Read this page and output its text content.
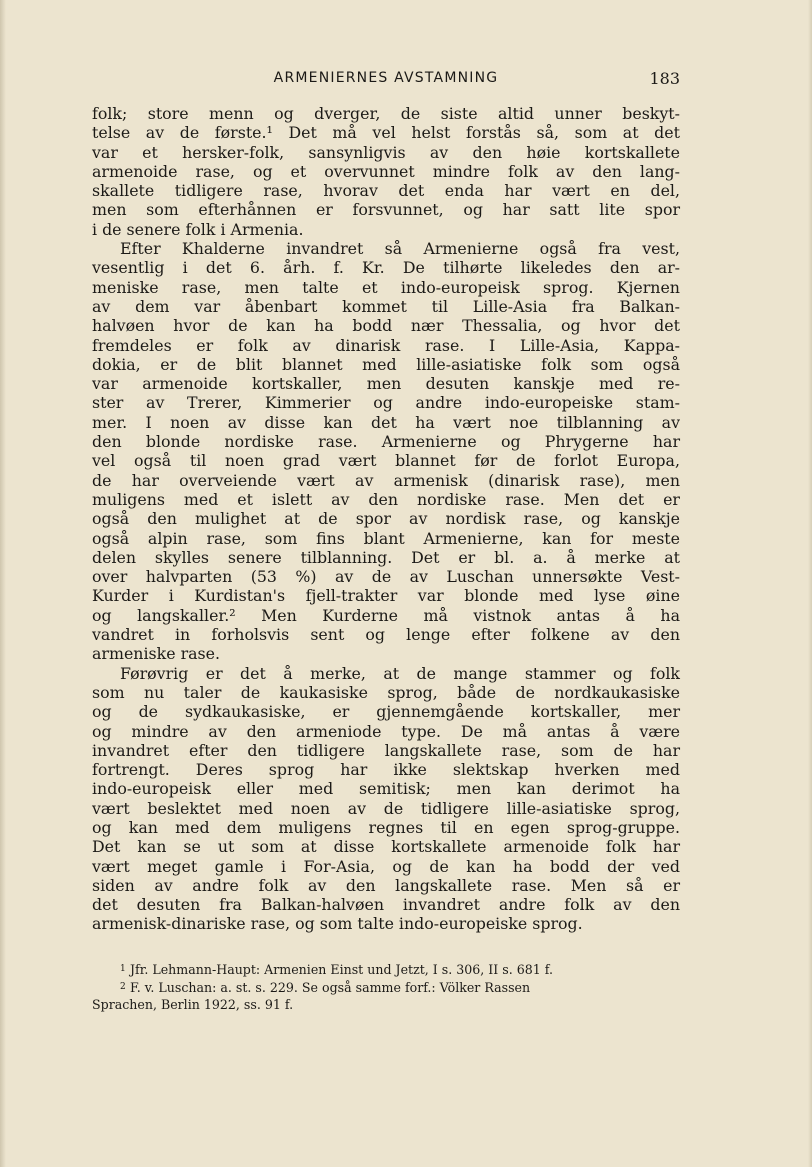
ARMENIERNES AVSTAMNING	183
folk; store menn og dverger, de siste altid unner beskyt-
telse av de første.¹ Det må vel helst forstås så, som at det
var et hersker-folk, sansynligvis av den høie kortskallete
armenoide rase, og et overvunnet mindre folk av den lang-
skallete tidligere rase, hvorav det enda har vært en del,
men som efterhånnen er forsvunnet, og har satt lite spor
i de senere folk i Armenia.
Efter Khalderne invandret så Armenierne også fra vest,
vesentlig i det 6. årh. f. Kr. De tilhørte likeledes den ar-
meniske rase, men talte et indo-europeisk sprog. Kjernen
av dem var åbenbart kommet til Lille-Asia fra Balkan-
halvøen hvor de kan ha bodd nær Thessalia, og hvor det
fremdeles er folk av dinarisk rase. I Lille-Asia, Kappa-
dokia, er de blit blannet med lille-asiatiske folk som også
var armenoide kortskaller, men desuten kanskje med re-
ster av Trerer, Kimmerier og andre indo-europeiske stam-
mer. I noen av disse kan det ha vært noe tilblanning av
den blonde nordiske rase. Armenierne og Phrygerne har
vel også til noen grad vært blannet før de forlot Europa,
de har overveiende vært av armenisk (dinarisk rase), men
muligens med et islett av den nordiske rase. Men det er
også den mulighet at de spor av nordisk rase, og kanskje
også alpin rase, som fins blant Armenierne, kan for meste
delen skylles senere tilblanning. Det er bl. a. å merke at
over halvparten (53 %) av de av Luschan unnersøkte Vest-
Kurder i Kurdistan's fjell-trakter var blonde med lyse øine
og langskaller.² Men Kurderne må vistnok antas å ha
vandret in forholsvis sent og lenge efter folkene av den
armeniske rase.
Førøvrig er det å merke, at de mange stammer og folk
som nu taler de kaukasiske sprog, både de nordkaukasiske
og de sydkaukasiske, er gjennemgående kortskaller, mer
og mindre av den armeniode type. De må antas å være
invandret efter den tidligere langskallete rase, som de har
fortrengt. Deres sprog har ikke slektskap hverken med
indo-europeisk eller med semitisk; men kan derimot ha
vært beslektet med noen av de tidligere lille-asiatiske sprog,
og kan med dem muligens regnes til en egen sprog-gruppe.
Det kan se ut som at disse kortskallete armenoide folk har
vært meget gamle i For-Asia, og de kan ha bodd der ved
siden av andre folk av den langskallete rase. Men så er
det desuten fra Balkan-halvøen invandret andre folk av den
armenisk-dinariske rase, og som talte indo-europeiske sprog.
1 Jfr. Lehmann-Haupt: Armenien Einst und Jetzt, I s. 306, II s. 681 f.
2 F. v. Luschan: a. st. s. 229. Se også samme forf.: Völker Rassen
Sprachen, Berlin 1922, ss. 91 f.
